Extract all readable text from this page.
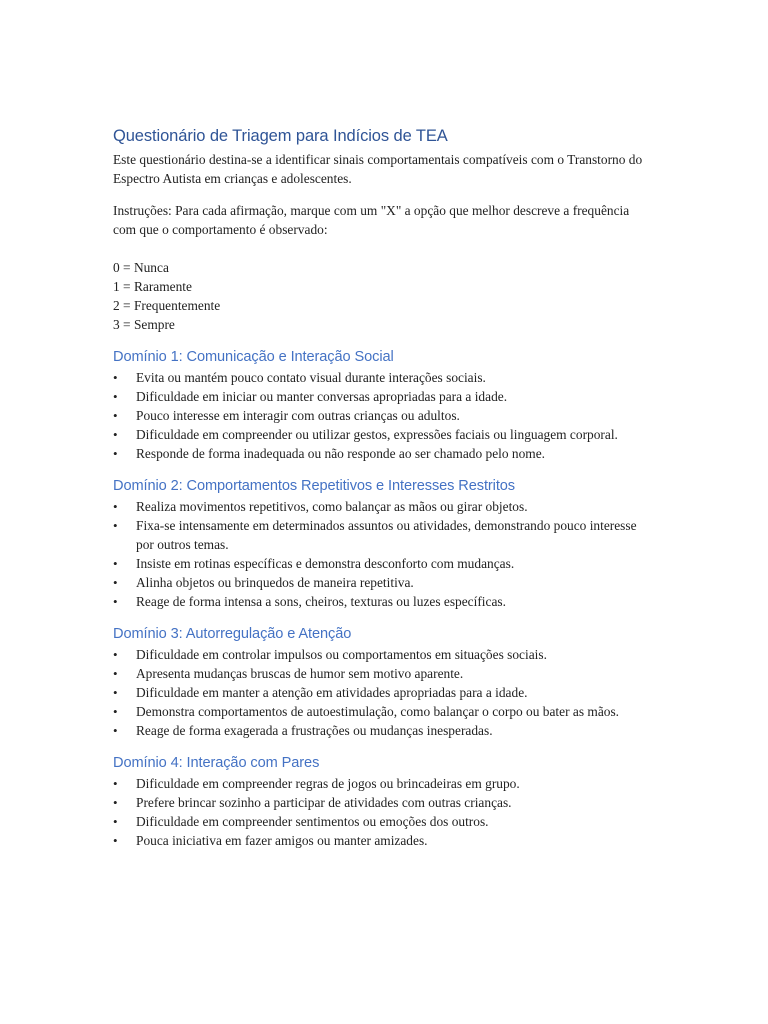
Questionário de Triagem para Indícios de TEA

Este questionário destina-se a identificar sinais comportamentais compatíveis com o Transtorno do Espectro Autista em crianças e adolescentes.

Instruções: Para cada afirmação, marque com um "X" a opção que melhor descreve a frequência com que o comportamento é observado:

0 = Nunca
1 = Raramente
2 = Frequentemente
3 = Sempre
Domínio 1: Comunicação e Interação Social
•	Evita ou mantém pouco contato visual durante interações sociais.
•	Dificuldade em iniciar ou manter conversas apropriadas para a idade.
•	Pouco interesse em interagir com outras crianças ou adultos.
•	Dificuldade em compreender ou utilizar gestos, expressões faciais ou linguagem corporal.
•	Responde de forma inadequada ou não responde ao ser chamado pelo nome.
Domínio 2: Comportamentos Repetitivos e Interesses Restritos
•	Realiza movimentos repetitivos, como balançar as mãos ou girar objetos.
•	Fixa-se intensamente em determinados assuntos ou atividades, demonstrando pouco interesse por outros temas.
•	Insiste em rotinas específicas e demonstra desconforto com mudanças.
•	Alinha objetos ou brinquedos de maneira repetitiva.
•	Reage de forma intensa a sons, cheiros, texturas ou luzes específicas.
Domínio 3: Autorregulação e Atenção
•	Dificuldade em controlar impulsos ou comportamentos em situações sociais.
•	Apresenta mudanças bruscas de humor sem motivo aparente.
•	Dificuldade em manter a atenção em atividades apropriadas para a idade.
•	Demonstra comportamentos de autoestimulação, como balançar o corpo ou bater as mãos.
•	Reage de forma exagerada a frustrações ou mudanças inesperadas.
Domínio 4: Interação com Pares
•	Dificuldade em compreender regras de jogos ou brincadeiras em grupo.
•	Prefere brincar sozinho a participar de atividades com outras crianças.
•	Dificuldade em compreender sentimentos ou emoções dos outros.
•	Pouca iniciativa em fazer amigos ou manter amizades.
